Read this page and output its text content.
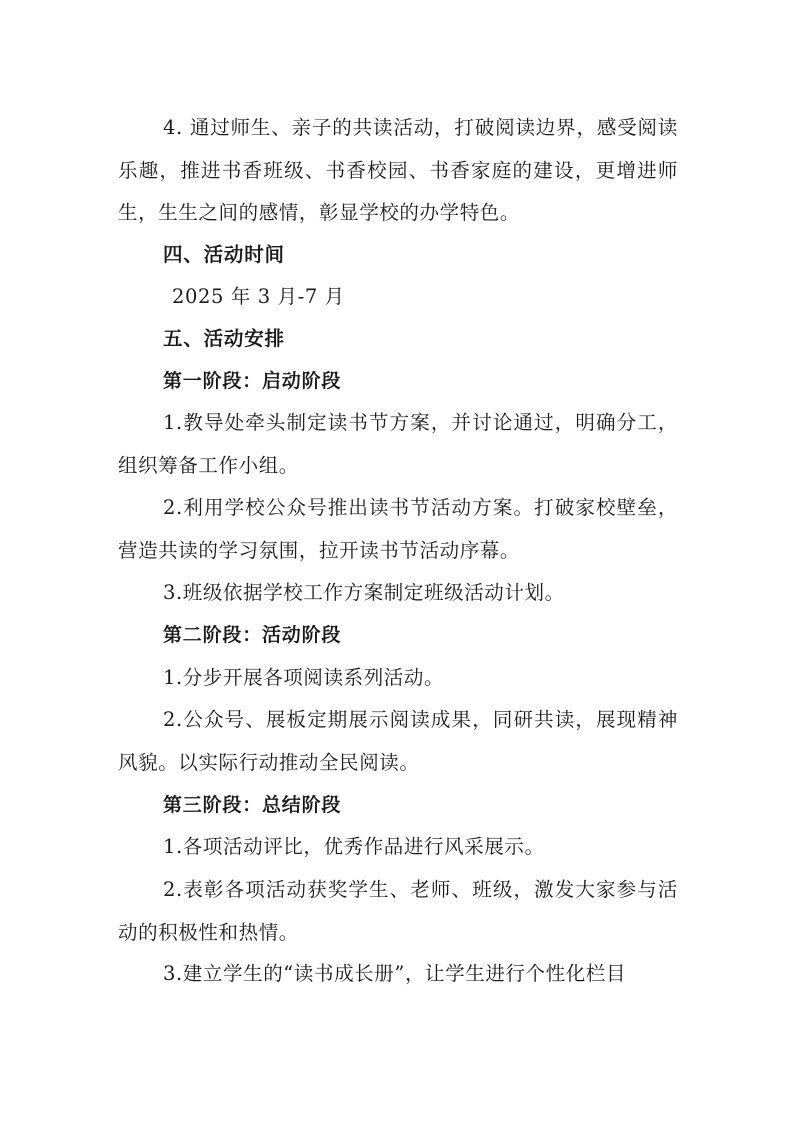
4. 通过师生、亲子的共读活动，打破阅读边界，感受阅读乐趣，推进书香班级、书香校园、书香家庭的建设，更增进师生，生生之间的感情，彰显学校的办学特色。

四、活动时间

2025 年 3 月-7 月

五、活动安排

第一阶段：启动阶段

1.教导处牵头制定读书节方案，并讨论通过，明确分工，组织筹备工作小组。

2.利用学校公众号推出读书节活动方案。打破家校壁垒，营造共读的学习氛围，拉开读书节活动序幕。

3.班级依据学校工作方案制定班级活动计划。

第二阶段：活动阶段

1.分步开展各项阅读系列活动。

2.公众号、展板定期展示阅读成果，同研共读，展现精神风貌。以实际行动推动全民阅读。

第三阶段：总结阶段

1.各项活动评比，优秀作品进行风采展示。

2.表彰各项活动获奖学生、老师、班级，激发大家参与活动的积极性和热情。

3.建立学生的“读书成长册”，让学生进行个性化栏目
